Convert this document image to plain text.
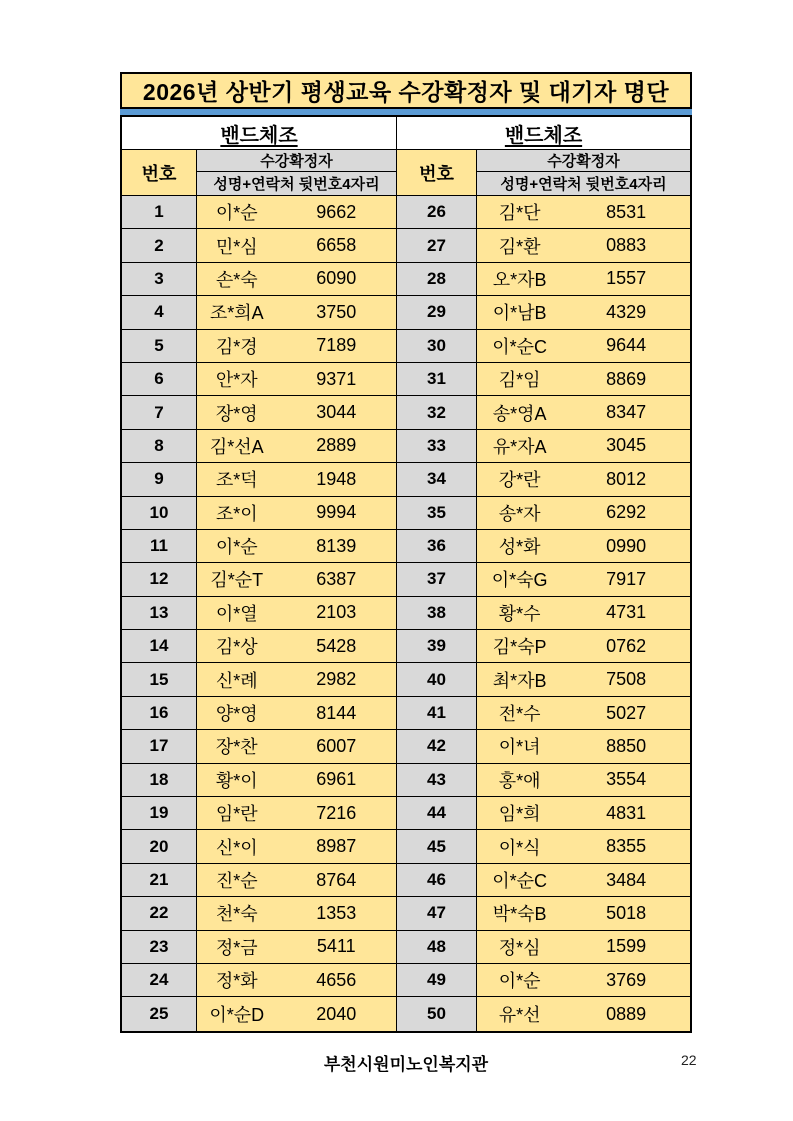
2026년 상반기 평생교육 수강확정자 및 대기자 명단
밴드체조	밴드체조
번호
수강확정자
성명+연락처 뒷번호4자리
번호
수강확정자
성명+연락처 뒷번호4자리
1	이*순	9662	26	김*단	8531
2	민*심	6658	27	김*환	0883
3	손*숙	6090	28	오*자B	1557
4	조*희A	3750	29	이*남B	4329
5	김*경	7189	30	이*순C	9644
6	안*자	9371	31	김*임	8869
7	장*영	3044	32	송*영A	8347
8	김*선A	2889	33	유*자A	3045
9	조*덕	1948	34	강*란	8012
10	조*이	9994	35	송*자	6292
11	이*순	8139	36	성*화	0990
12	김*순T	6387	37	이*숙G	7917
13	이*열	2103	38	황*수	4731
14	김*상	5428	39	김*숙P	0762
15	신*례	2982	40	최*자B	7508
16	양*영	8144	41	전*수	5027
17	장*찬	6007	42	이*녀	8850
18	황*이	6961	43	홍*애	3554
19	임*란	7216	44	임*희	4831
20	신*이	8987	45	이*식	8355
21	진*순	8764	46	이*순C	3484
22	천*숙	1353	47	박*숙B	5018
23	정*금	5411	48	정*심	1599
24	정*화	4656	49	이*순	3769
25	이*순D	2040	50	유*선	0889
부천시원미노인복지관	22
